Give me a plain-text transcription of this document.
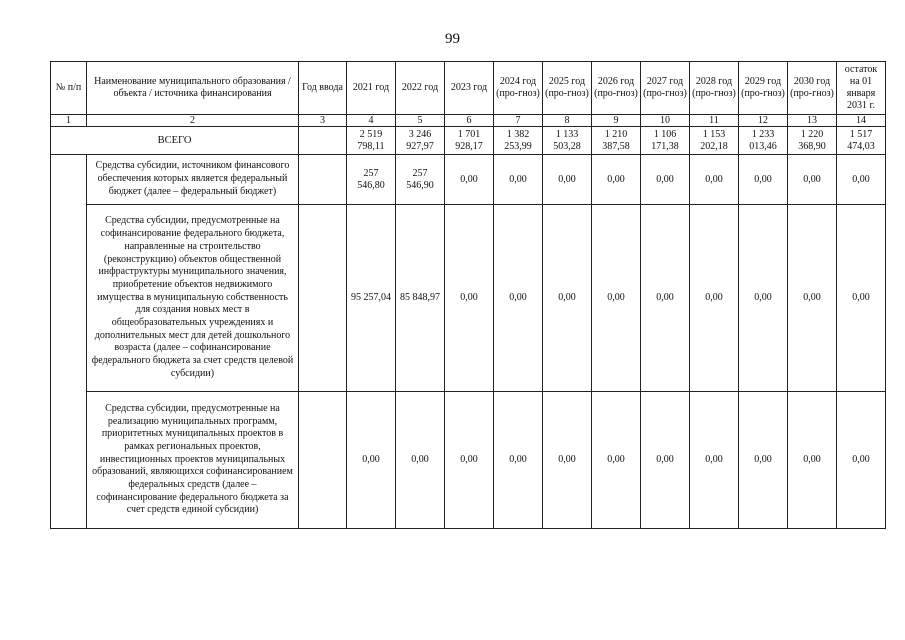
99
№ п/п	Наименование муниципального образования / объекта / источника финансирования	Год ввода	2021 год	2022 год	2023 год	2024 год (про-гноз)	2025 год (про-гноз)	2026 год (про-гноз)	2027 год (про-гноз)	2028 год (про-гноз)	2029 год (про-гноз)	2030 год (про-гноз)	остаток на 01 января 2031 г.
1	2	3	4	5	6	7	8	9	10	11	12	13	14
ВСЕГО			2 519 798,11	3 246 927,97	1 701 928,17	1 382 253,99	1 133 503,28	1 210 387,58	1 106 171,38	1 153 202,18	1 233 013,46	1 220 368,90	1 517 474,03
	Средства субсидии, источником финансового обеспечения которых является федеральный бюджет (далее – федеральный бюджет)		257 546,80	257 546,90	0,00	0,00	0,00	0,00	0,00	0,00	0,00	0,00	0,00
	Средства субсидии, предусмотренные на софинансирование федерального бюджета, направленные на строительство (реконструкцию) объектов общественной инфраструктуры муниципального значения, приобретение объектов недвижимого имущества в муниципальную собственность для создания новых мест в общеобразовательных учреждениях и дополнительных мест для детей дошкольного возраста (далее – софинансирование федерального бюджета за счет средств целевой субсидии)		95 257,04	85 848,97	0,00	0,00	0,00	0,00	0,00	0,00	0,00	0,00	0,00
	Средства субсидии, предусмотренные на реализацию муниципальных программ, приоритетных муниципальных проектов в рамках региональных проектов, инвестиционных проектов муниципальных образований, являющихся софинансированием федеральных средств (далее – софинансирование федерального бюджета за счет средств единой субсидии)		0,00	0,00	0,00	0,00	0,00	0,00	0,00	0,00	0,00	0,00	0,00
